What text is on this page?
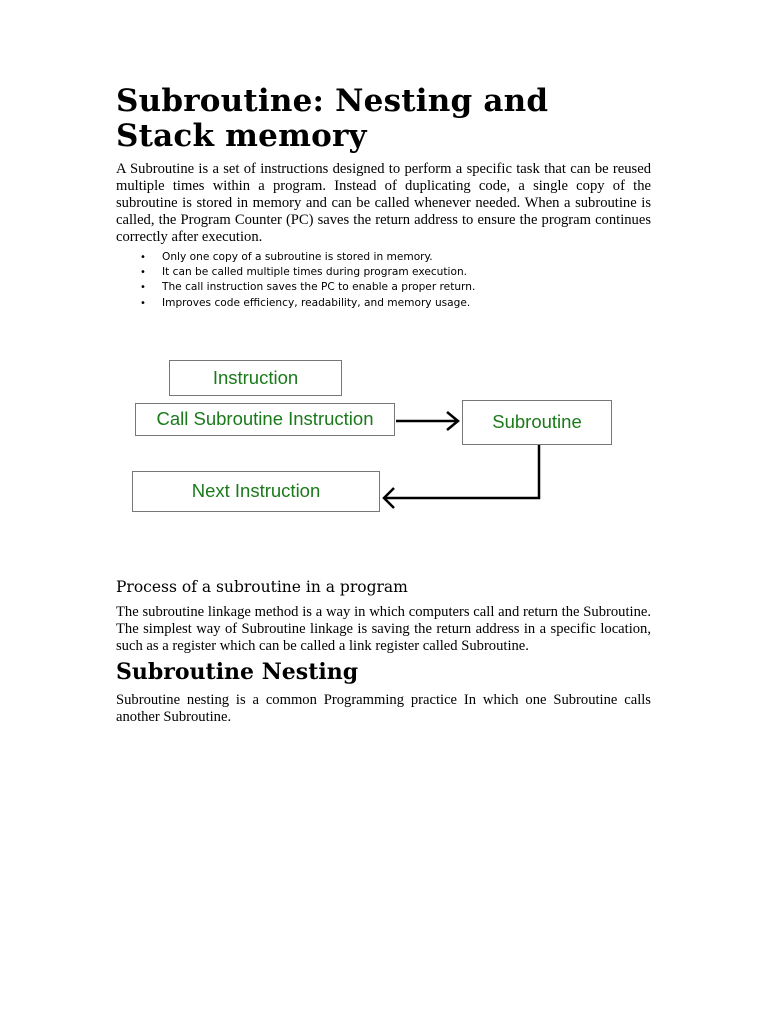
Subroutine: Nesting and Stack memory

A Subroutine is a set of instructions designed to perform a specific task that can be reused multiple times within a program. Instead of duplicating code, a single copy of the subroutine is stored in memory and can be called whenever needed. When a subroutine is called, the Program Counter (PC) saves the return address to ensure the program continues correctly after execution.

• Only one copy of a subroutine is stored in memory.
• It can be called multiple times during program execution.
• The call instruction saves the PC to enable a proper return.
• Improves code efficiency, readability, and memory usage.
Instruction
Call Subroutine Instruction	Subroutine
Next Instruction
Process of a subroutine in a program

The subroutine linkage method is a way in which computers call and return the Subroutine. The simplest way of Subroutine linkage is saving the return address in a specific location, such as a register which can be called a link register called Subroutine.

Subroutine Nesting

Subroutine nesting is a common Programming practice In which one Subroutine calls another Subroutine.
